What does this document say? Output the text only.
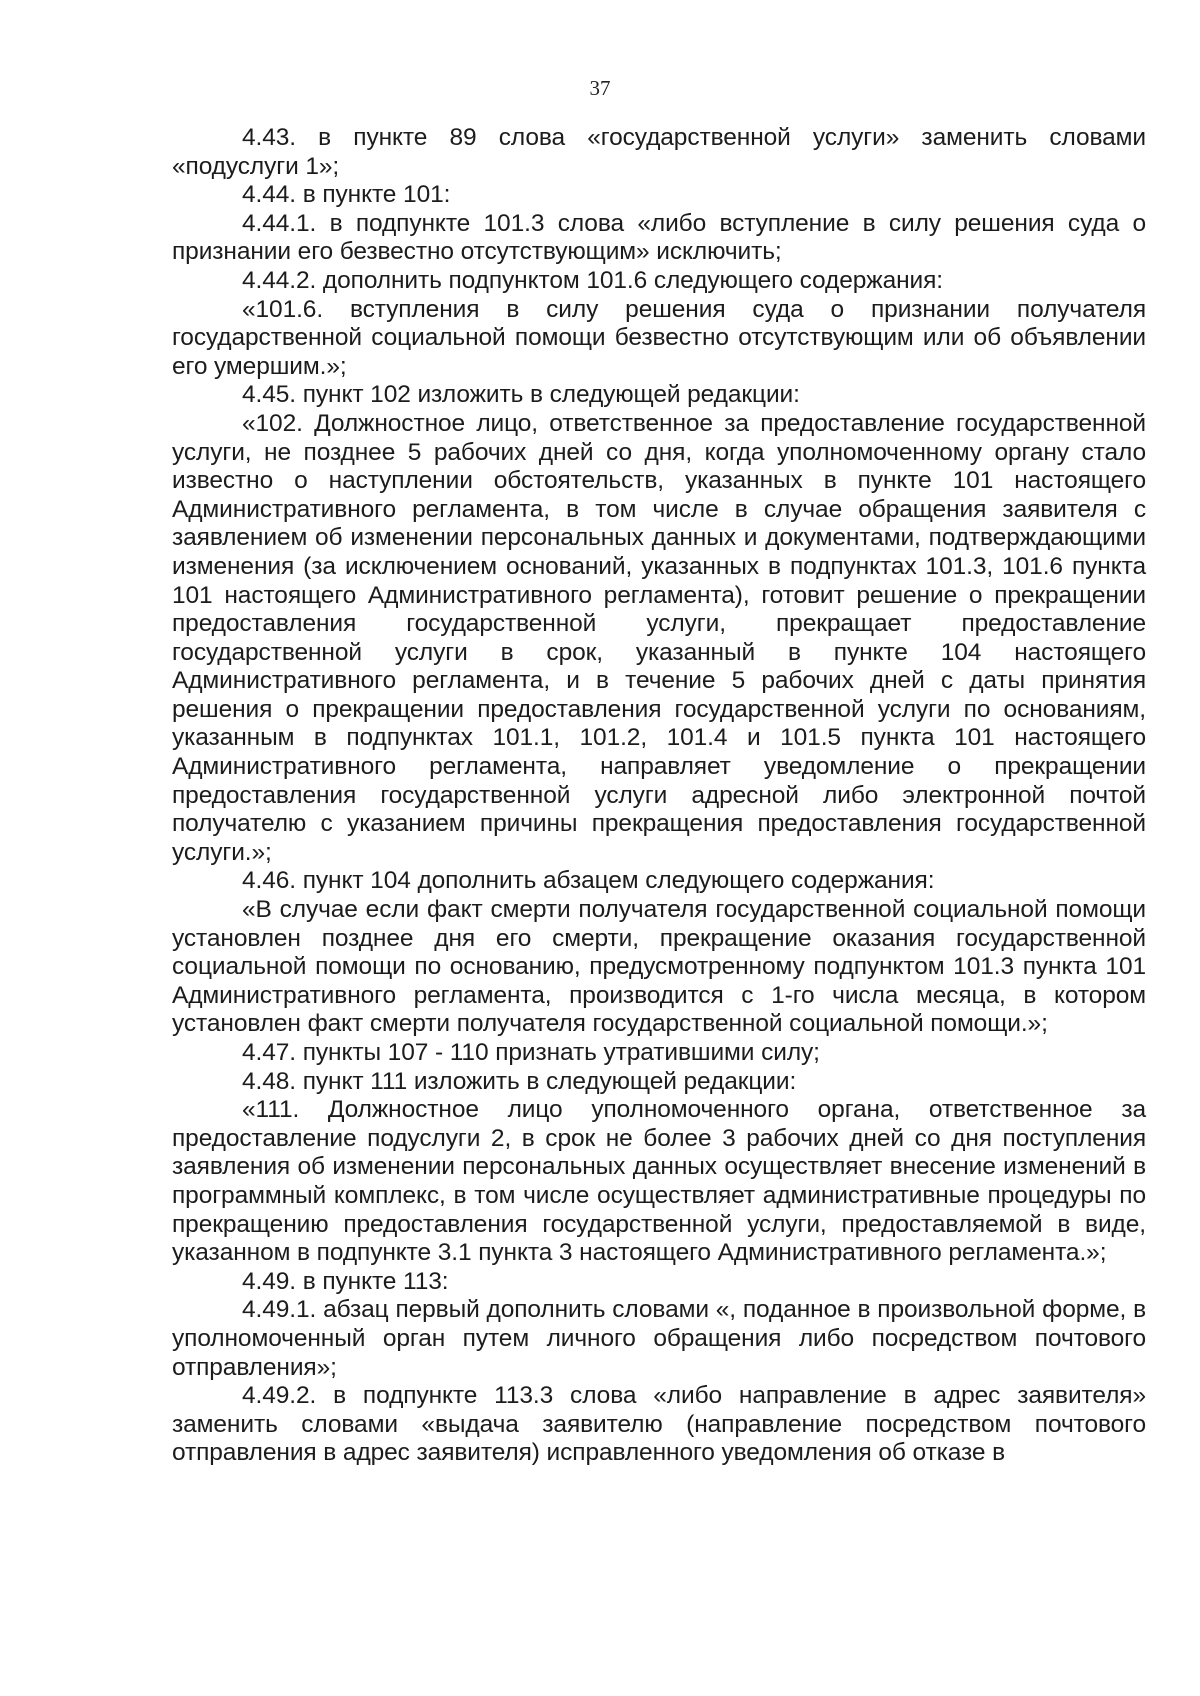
37

4.43. в пункте 89 слова «государственной услуги» заменить словами «подуслуги 1»;

4.44. в пункте 101:

4.44.1. в подпункте 101.3 слова «либо вступление в силу решения суда о признании его безвестно отсутствующим» исключить;

4.44.2. дополнить подпунктом 101.6 следующего содержания:

«101.6. вступления в силу решения суда о признании получателя государственной социальной помощи безвестно отсутствующим или об объявлении его умершим.»;

4.45. пункт 102 изложить в следующей редакции:

«102. Должностное лицо, ответственное за предоставление государственной услуги, не позднее 5 рабочих дней со дня, когда уполномоченному органу стало известно о наступлении обстоятельств, указанных в пункте 101 настоящего Административного регламента, в том числе в случае обращения заявителя с заявлением об изменении персональных данных и документами, подтверждающими изменения (за исключением оснований, указанных в подпунктах 101.3, 101.6 пункта 101 настоящего Административного регламента), готовит решение о прекращении предоставления государственной услуги, прекращает предоставление государственной услуги в срок, указанный в пункте 104 настоящего Административного регламента, и в течение 5 рабочих дней с даты принятия решения о прекращении предоставления государственной услуги по основаниям, указанным в подпунктах 101.1, 101.2, 101.4 и 101.5 пункта 101 настоящего Административного регламента, направляет уведомление о прекращении предоставления государственной услуги адресной либо электронной почтой получателю с указанием причины прекращения предоставления государственной услуги.»;

4.46. пункт 104 дополнить абзацем следующего содержания:

«В случае если факт смерти получателя государственной социальной помощи установлен позднее дня его смерти, прекращение оказания государственной социальной помощи по основанию, предусмотренному подпунктом 101.3 пункта 101 Административного регламента, производится с 1-го числа месяца, в котором установлен факт смерти получателя государственной социальной помощи.»;

4.47. пункты 107 - 110 признать утратившими силу;

4.48. пункт 111 изложить в следующей редакции:

«111. Должностное лицо уполномоченного органа, ответственное за предоставление подуслуги 2, в срок не более 3 рабочих дней со дня поступления заявления об изменении персональных данных осуществляет внесение изменений в программный комплекс, в том числе осуществляет административные процедуры по прекращению предоставления государственной услуги, предоставляемой в виде, указанном в подпункте 3.1 пункта 3 настоящего Административного регламента.»;

4.49. в пункте 113:

4.49.1. абзац первый дополнить словами «, поданное в произвольной форме, в уполномоченный орган путем личного обращения либо посредством почтового отправления»;

4.49.2. в подпункте 113.3 слова «либо направление в адрес заявителя» заменить словами «выдача заявителю (направление посредством почтового отправления в адрес заявителя) исправленного уведомления об отказе в
